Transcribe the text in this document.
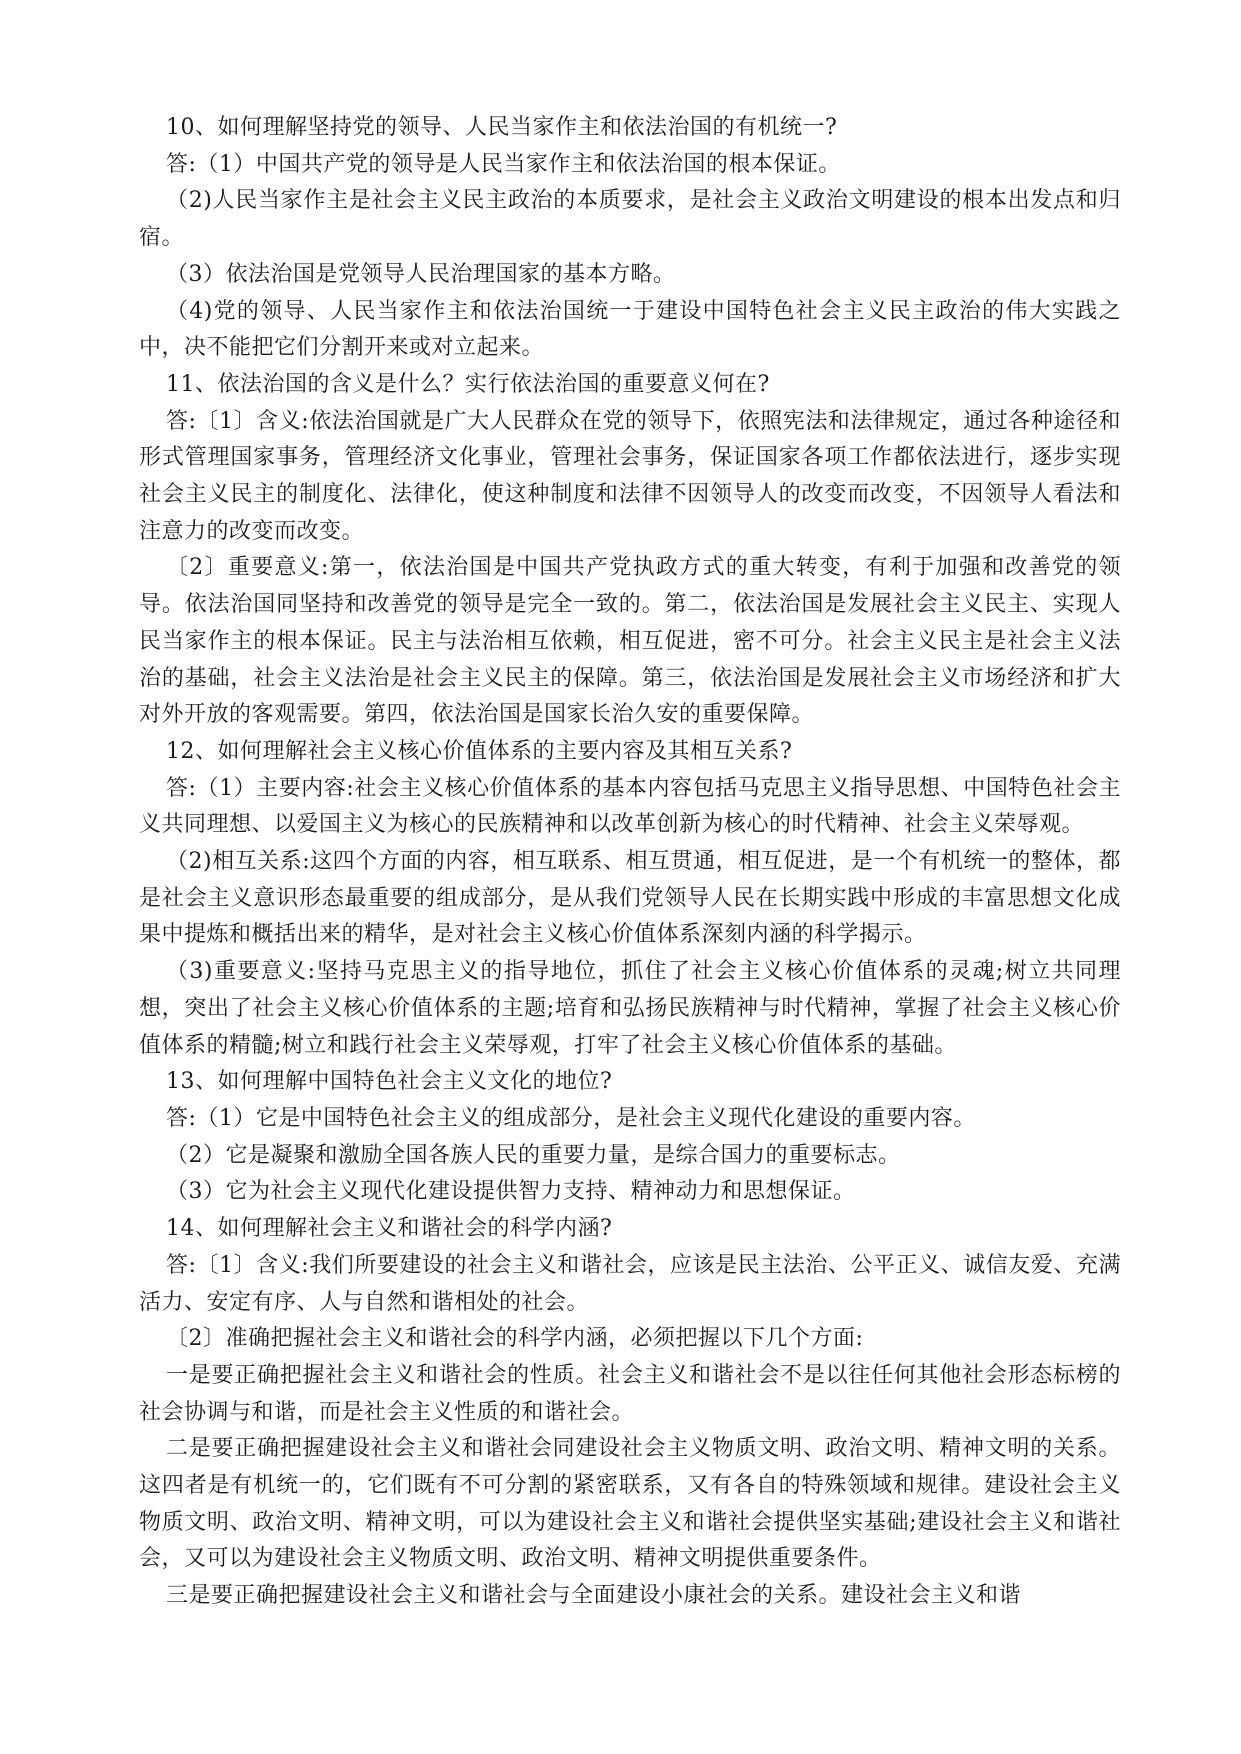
10、如何理解坚持党的领导、人民当家作主和依法治国的有机统一?

答:（1）中国共产党的领导是人民当家作主和依法治国的根本保证。

（2)人民当家作主是社会主义民主政治的本质要求，是社会主义政治文明建设的根本出发点和归宿。

（3）依法治国是党领导人民治理国家的基本方略。

（4)党的领导、人民当家作主和依法治国统一于建设中国特色社会主义民主政治的伟大实践之中，决不能把它们分割开来或对立起来。

11、依法治国的含义是什么？实行依法治国的重要意义何在?

答:〔1〕含义:依法治国就是广大人民群众在党的领导下，依照宪法和法律规定，通过各种途径和形式管理国家事务，管理经济文化事业，管理社会事务，保证国家各项工作都依法进行，逐步实现社会主义民主的制度化、法律化，使这种制度和法律不因领导人的改变而改变，不因领导人看法和注意力的改变而改变。

〔2〕重要意义:第一，依法治国是中国共产党执政方式的重大转变，有利于加强和改善党的领导。依法治国同坚持和改善党的领导是完全一致的。第二，依法治国是发展社会主义民主、实现人民当家作主的根本保证。民主与法治相互依赖，相互促进，密不可分。社会主义民主是社会主义法治的基础，社会主义法治是社会主义民主的保障。第三，依法治国是发展社会主义市场经济和扩大对外开放的客观需要。第四，依法治国是国家长治久安的重要保障。

12、如何理解社会主义核心价值体系的主要内容及其相互关系?

答:（1）主要内容:社会主义核心价值体系的基本内容包括马克思主义指导思想、中国特色社会主义共同理想、以爱国主义为核心的民族精神和以改革创新为核心的时代精神、社会主义荣辱观。

（2)相互关系:这四个方面的内容，相互联系、相互贯通，相互促进，是一个有机统一的整体，都是社会主义意识形态最重要的组成部分，是从我们党领导人民在长期实践中形成的丰富思想文化成果中提炼和概括出来的精华，是对社会主义核心价值体系深刻内涵的科学揭示。

（3)重要意义:坚持马克思主义的指导地位，抓住了社会主义核心价值体系的灵魂;树立共同理想，突出了社会主义核心价值体系的主题;培育和弘扬民族精神与时代精神，掌握了社会主义核心价值体系的精髓;树立和践行社会主义荣辱观，打牢了社会主义核心价值体系的基础。

13、如何理解中国特色社会主义文化的地位?

答:（1）它是中国特色社会主义的组成部分，是社会主义现代化建设的重要内容。

（2）它是凝聚和激励全国各族人民的重要力量，是综合国力的重要标志。

（3）它为社会主义现代化建设提供智力支持、精神动力和思想保证。

14、如何理解社会主义和谐社会的科学内涵?

答:〔1〕含义:我们所要建设的社会主义和谐社会，应该是民主法治、公平正义、诚信友爱、充满活力、安定有序、人与自然和谐相处的社会。

〔2〕准确把握社会主义和谐社会的科学内涵，必须把握以下几个方面:

一是要正确把握社会主义和谐社会的性质。社会主义和谐社会不是以往任何其他社会形态标榜的社会协调与和谐，而是社会主义性质的和谐社会。

二是要正确把握建设社会主义和谐社会同建设社会主义物质文明、政治文明、精神文明的关系。这四者是有机统一的，它们既有不可分割的紧密联系，又有各自的特殊领域和规律。建设社会主义物质文明、政治文明、精神文明，可以为建设社会主义和谐社会提供坚实基础;建设社会主义和谐社会，又可以为建设社会主义物质文明、政治文明、精神文明提供重要条件。

三是要正确把握建设社会主义和谐社会与全面建设小康社会的关系。建设社会主义和谐
